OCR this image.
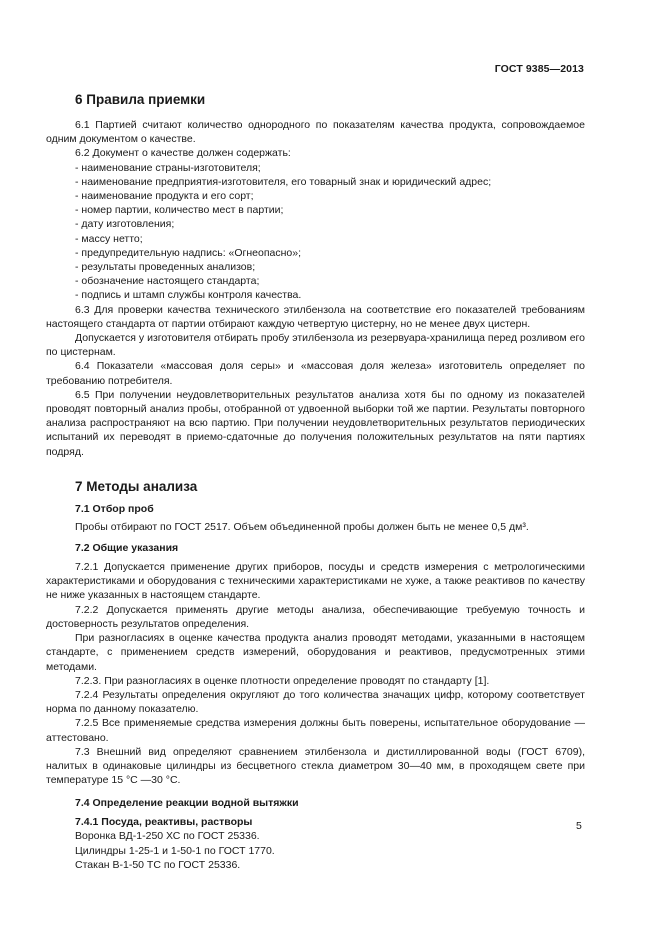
ГОСТ 9385—2013
6 Правила приемки
6.1 Партией считают количество однородного по показателям качества продукта, сопровождаемое одним документом о качестве.
6.2 Документ о качестве должен содержать:
- наименование страны-изготовителя;
- наименование предприятия-изготовителя, его товарный знак и юридический адрес;
- наименование продукта и его сорт;
- номер партии, количество мест в партии;
- дату изготовления;
- массу нетто;
- предупредительную надпись: «Огнеопасно»;
- результаты проведенных анализов;
- обозначение настоящего стандарта;
- подпись и штамп службы контроля качества.
6.3 Для проверки качества технического этилбензола на соответствие его показателей требованиям настоящего стандарта от партии отбирают каждую четвертую цистерну, но не менее двух цистерн.
Допускается у изготовителя отбирать пробу этилбензола из резервуара-хранилища перед розливом его по цистернам.
6.4 Показатели «массовая доля серы» и «массовая доля железа» изготовитель определяет по требованию потребителя.
6.5 При получении неудовлетворительных результатов анализа хотя бы по одному из показателей проводят повторный анализ пробы, отобранной от удвоенной выборки той же партии. Результаты повторного анализа распространяют на всю партию. При получении неудовлетворительных результатов периодических испытаний их переводят в приемо-сдаточные до получения положительных результатов на пяти партиях подряд.
7 Методы анализа
7.1 Отбор проб
Пробы отбирают по ГОСТ 2517. Объем объединенной пробы должен быть не менее 0,5 дм³.
7.2 Общие указания
7.2.1 Допускается применение других приборов, посуды и средств измерения с метрологическими характеристиками и оборудования с техническими характеристиками не хуже, а также реактивов по качеству не ниже указанных в настоящем стандарте.
7.2.2 Допускается применять другие методы анализа, обеспечивающие требуемую точность и достоверность результатов определения.
При разногласиях в оценке качества продукта анализ проводят методами, указанными в настоящем стандарте, с применением средств измерений, оборудования и реактивов, предусмотренных этими методами.
7.2.3. При разногласиях в оценке плотности определение проводят по стандарту [1].
7.2.4 Результаты определения округляют до того количества значащих цифр, которому соответствует норма по данному показателю.
7.2.5 Все применяемые средства измерения должны быть поверены, испытательное оборудование — аттестовано.
7.3 Внешний вид определяют сравнением этилбензола и дистиллированной воды (ГОСТ 6709), налитых в одинаковые цилиндры из бесцветного стекла диаметром 30—40 мм, в проходящем свете при температуре 15 °С —30 °С.
7.4 Определение реакции водной вытяжки
7.4.1 Посуда, реактивы, растворы
Воронка ВД-1-250 ХС по ГОСТ 25336.
Цилиндры 1-25-1 и 1-50-1 по ГОСТ 1770.
Стакан В-1-50 ТС по ГОСТ 25336.
5
